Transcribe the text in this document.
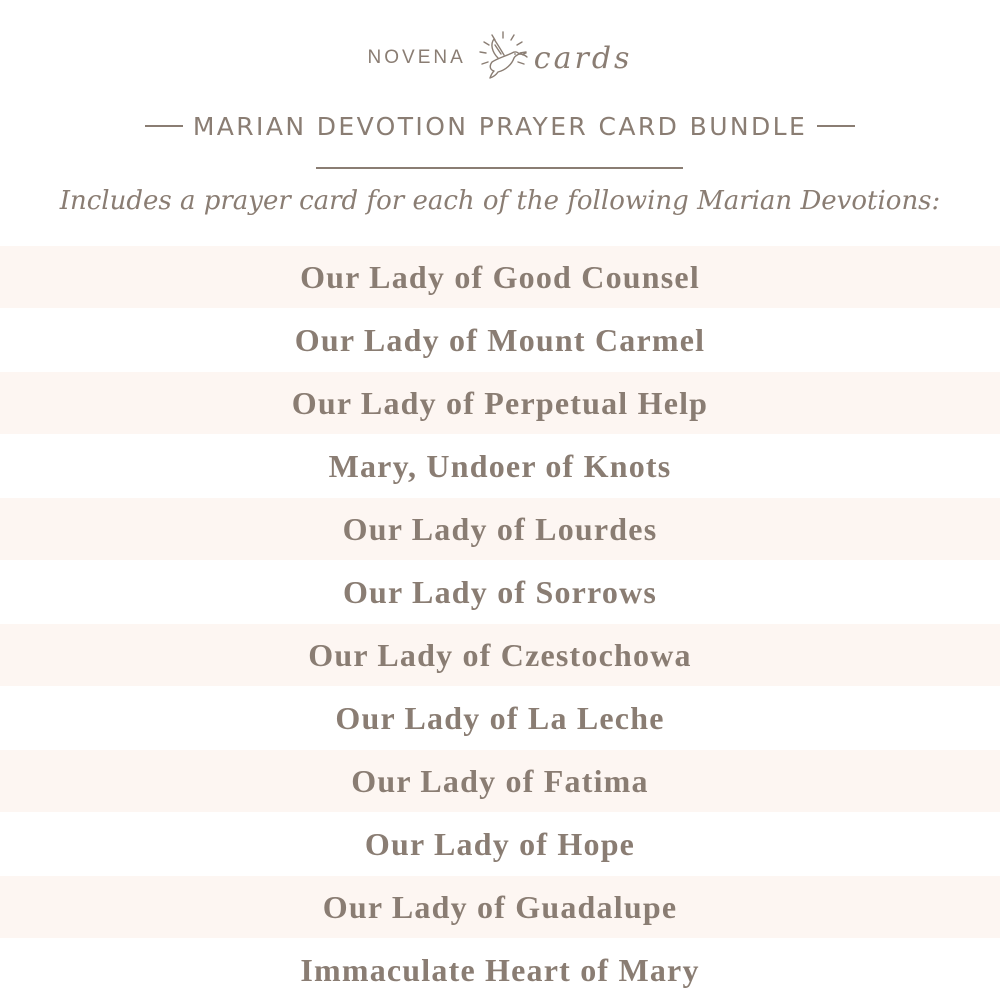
NOVENA cards
MARIAN DEVOTION PRAYER CARD BUNDLE
Includes a prayer card for each of the following Marian Devotions:
Our Lady of Good Counsel
Our Lady of Mount Carmel
Our Lady of Perpetual Help
Mary, Undoer of Knots
Our Lady of Lourdes
Our Lady of Sorrows
Our Lady of Czestochowa
Our Lady of La Leche
Our Lady of Fatima
Our Lady of Hope
Our Lady of Guadalupe
Immaculate Heart of Mary
